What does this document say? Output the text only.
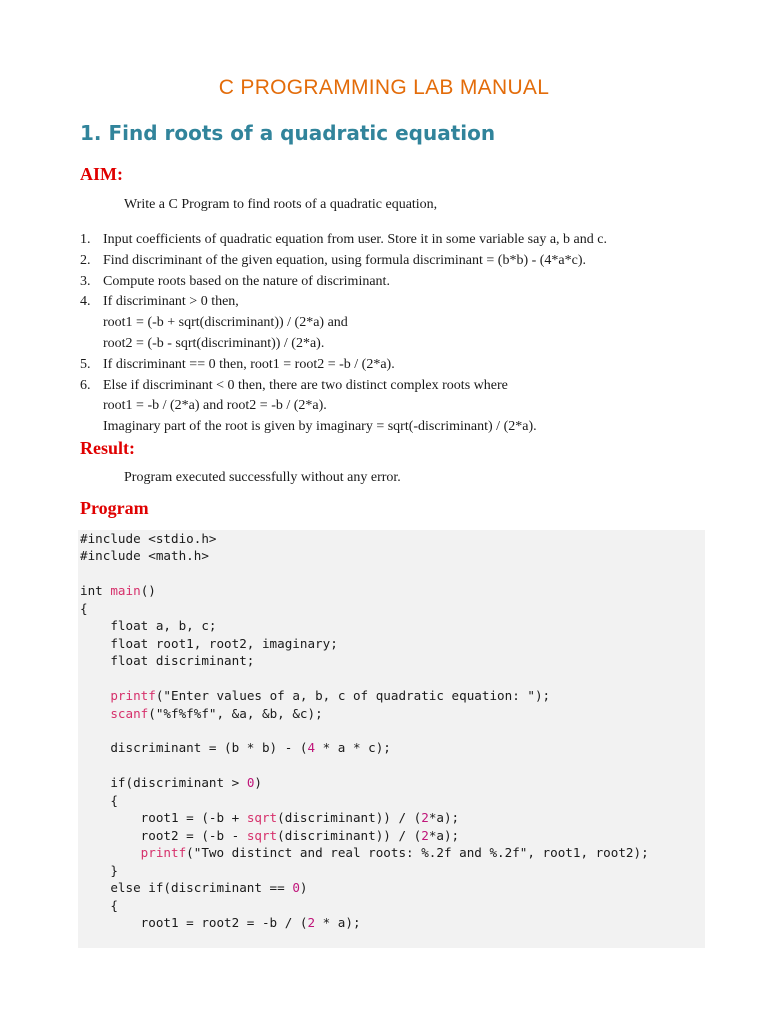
C PROGRAMMING LAB MANUAL
1. Find roots of a quadratic equation
AIM:
Write a C Program to find roots of a quadratic equation,
1. Input coefficients of quadratic equation from user. Store it in some variable say a, b and c.
2. Find discriminant of the given equation, using formula discriminant = (b*b) - (4*a*c).
3. Compute roots based on the nature of discriminant.
4. If discriminant > 0 then,
root1 = (-b + sqrt(discriminant)) / (2*a) and
root2 = (-b - sqrt(discriminant)) / (2*a).
5. If discriminant == 0 then, root1 = root2 = -b / (2*a).
6. Else if discriminant < 0 then, there are two distinct complex roots where
root1 = -b / (2*a) and root2 = -b / (2*a).
Imaginary part of the root is given by imaginary = sqrt(-discriminant) / (2*a).
Result:
Program executed successfully without any error.
Program
#include <stdio.h>
#include <math.h>

int main()
{
float a, b, c;
float root1, root2, imaginary;
float discriminant;

printf("Enter values of a, b, c of quadratic equation: ");
scanf("%f%f%f", &a, &b, &c);

discriminant = (b * b) - (4 * a * c);

if(discriminant > 0)
{
root1 = (-b + sqrt(discriminant)) / (2*a);
root2 = (-b - sqrt(discriminant)) / (2*a);
printf("Two distinct and real roots: %.2f and %.2f", root1, root2);
}
else if(discriminant == 0)
{
root1 = root2 = -b / (2 * a);
